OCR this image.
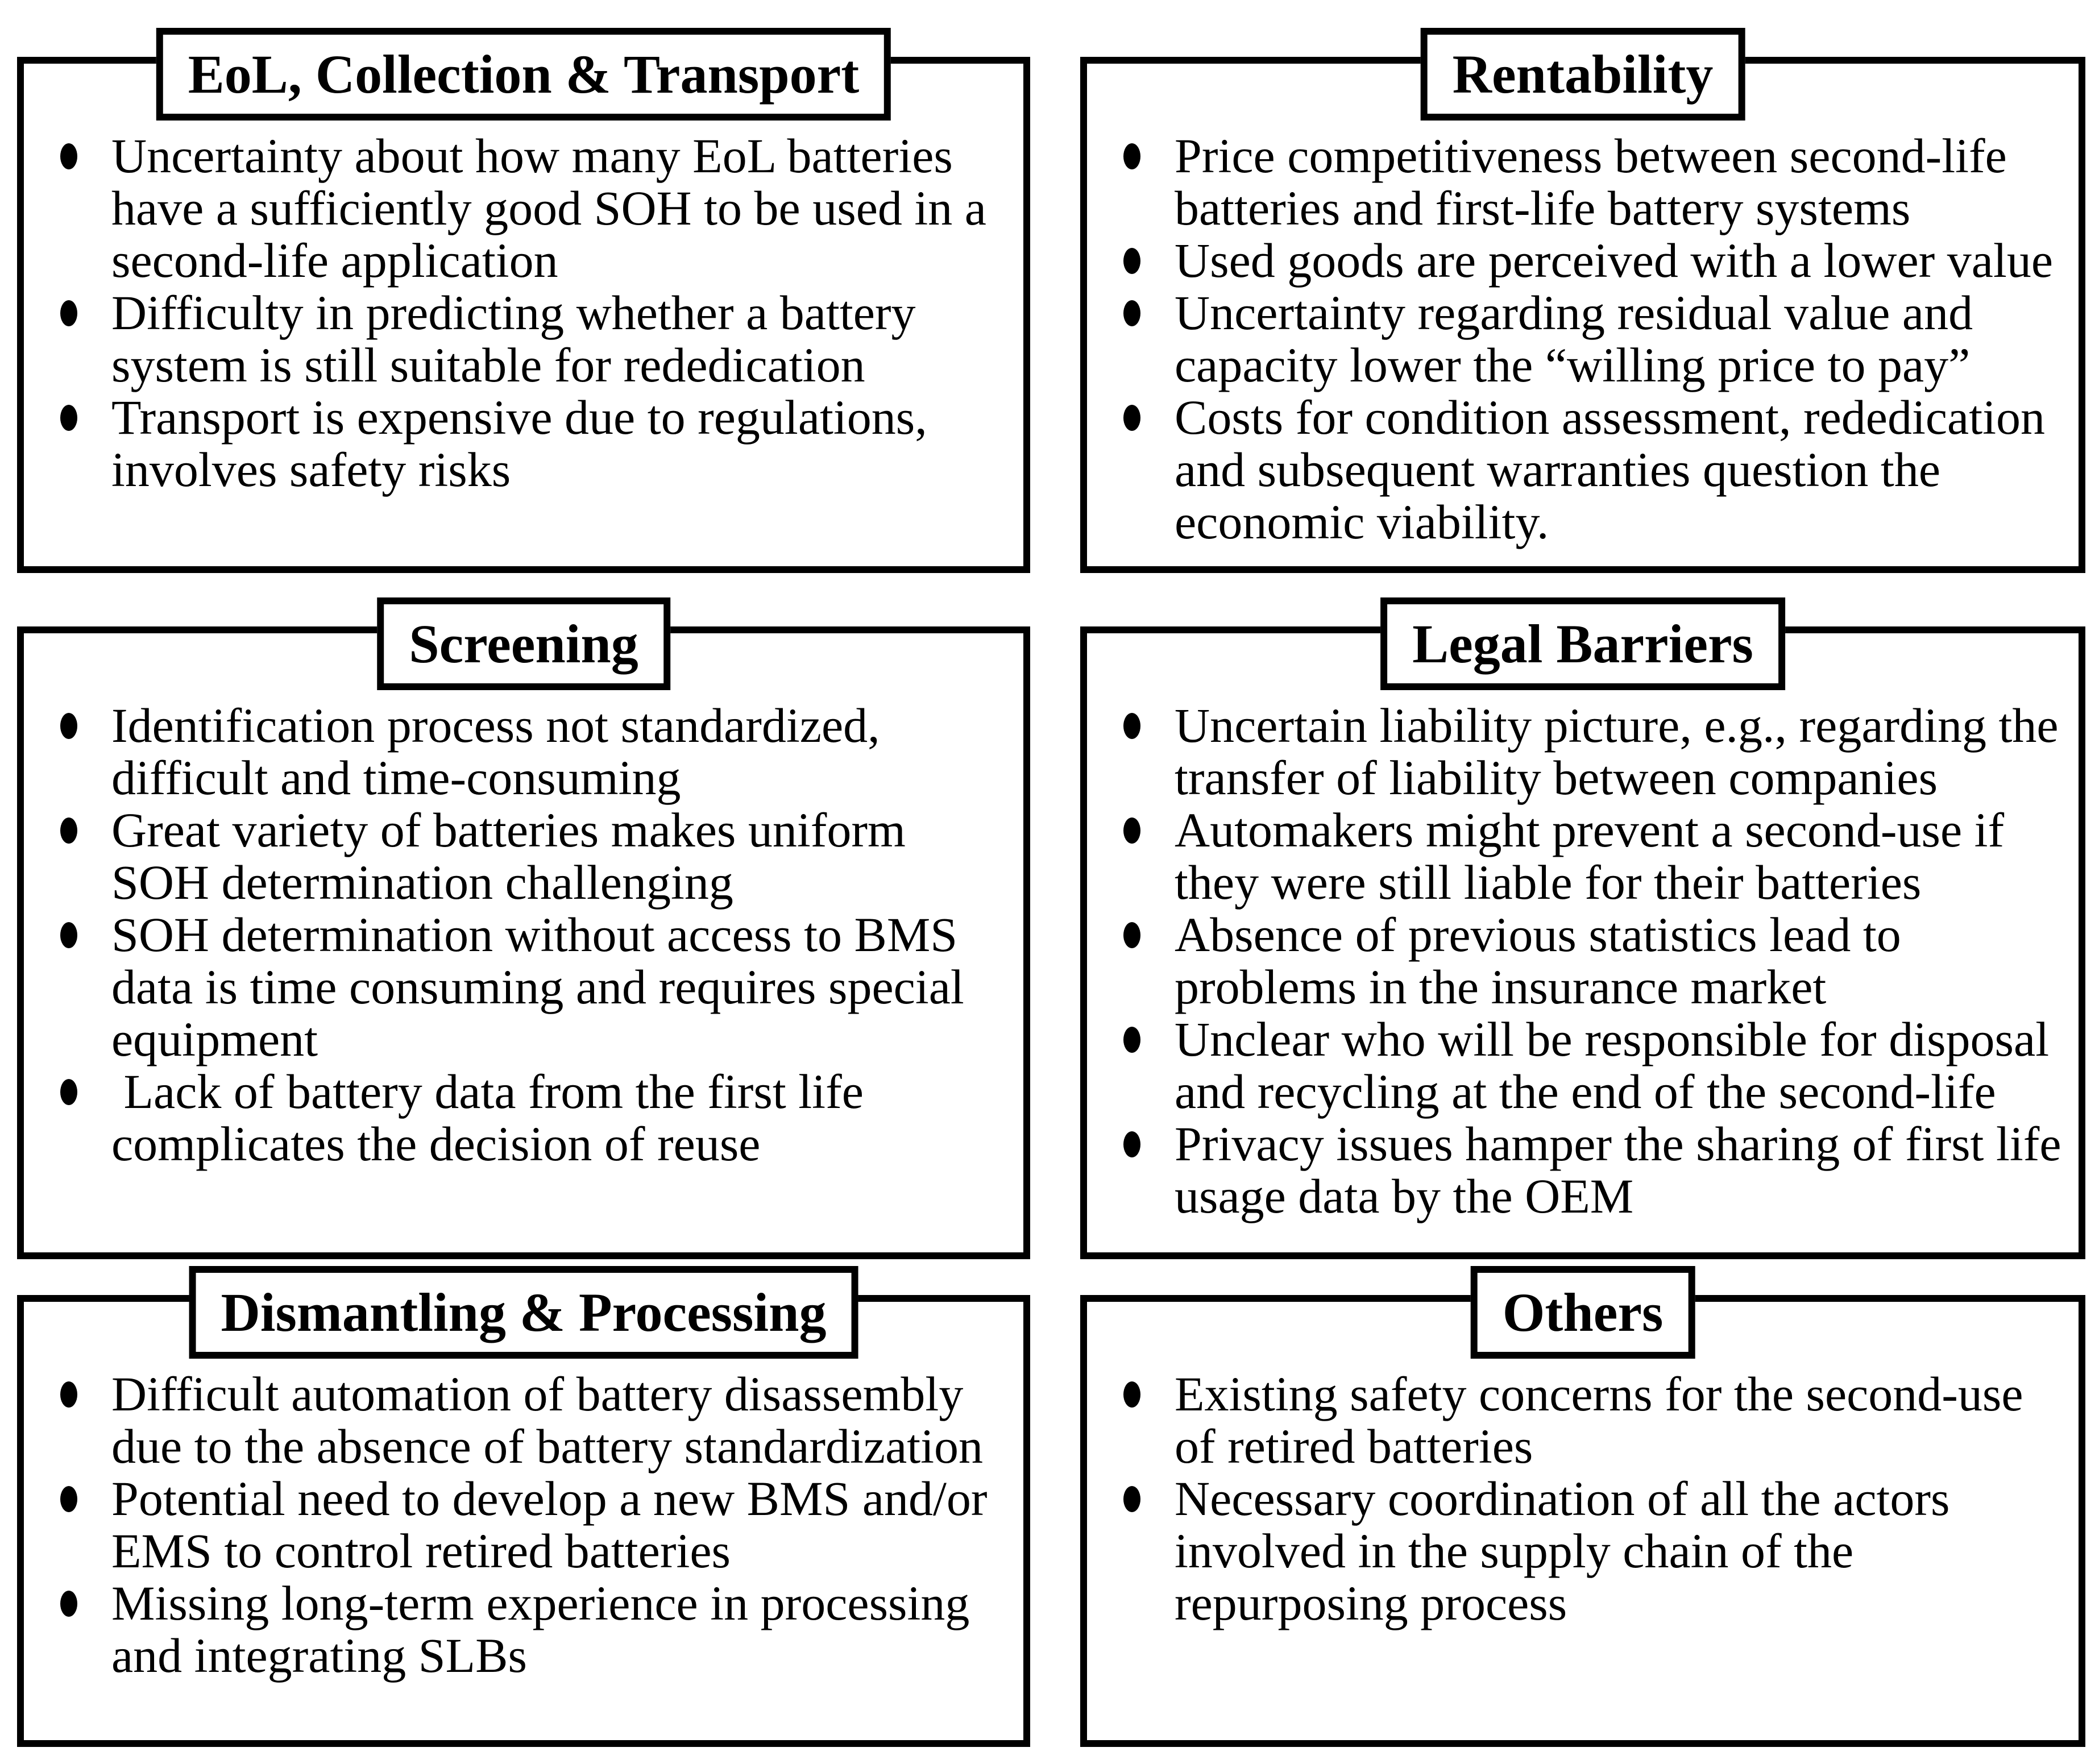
EoL, Collection & Transport
Uncertainty about how many EoL batteries have a sufficiently good SOH to be used in a second-life application
Difficulty in predicting whether a battery system is still suitable for rededication
Transport is expensive due to regulations, involves safety risks
Rentability
Price competitiveness between second-life batteries and first-life battery systems
Used goods are perceived with a lower value
Uncertainty regarding residual value and capacity lower the “willing price to pay”
Costs for condition assessment, rededication and subsequent warranties question the economic viability.
Screening
Identification process not standardized, difficult and time-consuming
Great variety of batteries makes uniform SOH determination challenging
SOH determination without access to BMS data is time consuming and requires special equipment
Lack of battery data from the first life complicates the decision of reuse
Legal Barriers
Uncertain liability picture, e.g., regarding the transfer of liability between companies
Automakers might prevent a second-use if they were still liable for their batteries
Absence of previous statistics lead to problems in the insurance market
Unclear who will be responsible for disposal and recycling at the end of the second-life
Privacy issues hamper the sharing of first life usage data by the OEM
Dismantling & Processing
Difficult automation of battery disassembly due to the absence of battery standardization
Potential need to develop a new BMS and/or EMS to control retired batteries
Missing long-term experience in processing and integrating SLBs
Others
Existing safety concerns for the second-use of retired batteries
Necessary coordination of all the actors involved in the supply chain of the repurposing process
